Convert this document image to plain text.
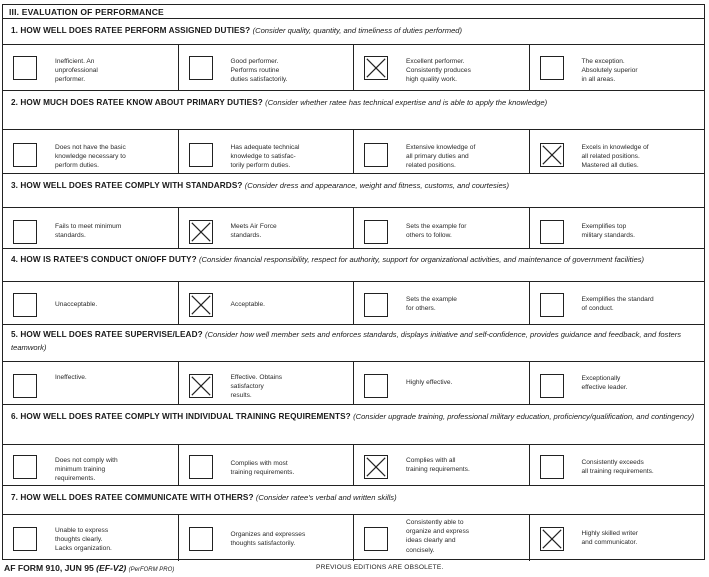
III. EVALUATION OF PERFORMANCE
1. HOW WELL DOES RATEE PERFORM ASSIGNED DUTIES? (Consider quality, quantity, and timeliness of duties performed)
Inefficient. An
unprofessional
performer.
Good performer.
Performs routine
duties satisfactorily.
Excellent performer.
Consistently produces
high quality work.
The exception.
Absolutely superior
in all areas.
2. HOW MUCH DOES RATEE KNOW ABOUT PRIMARY DUTIES? (Consider whether ratee has technical expertise and is able to apply the knowledge)
Does not have the basic
knowledge necessary to
perform duties.
Has adequate technical
knowledge to satisfac-
torily perform duties.
Extensive knowledge of
all primary duties and
related positions.
Excels in knowledge of
all related positions.
Mastered all duties.
3. HOW WELL DOES RATEE COMPLY WITH STANDARDS? (Consider dress and appearance, weight and fitness, customs, and courtesies)
Fails to meet minimum
standards.
Meets Air Force
standards.
Sets the example for
others to follow.
Exemplifies top
military standards.
4. HOW IS RATEE'S CONDUCT ON/OFF DUTY? (Consider financial responsibility, respect for authority, support for organizational activities, and maintenance of government facilities)
Unacceptable.	Acceptable.
Sets the example
for others.
Exemplifies the standard
of conduct.
5. HOW WELL DOES RATEE SUPERVISE/LEAD? (Consider how well member sets and enforces standards, displays initiative and self-confidence, provides guidance and feedback, and fosters teamwork)
Ineffective.	Effective. Obtains
satisfactory
results.
Highly effective.
Exceptionally
effective leader.
6. HOW WELL DOES RATEE COMPLY WITH INDIVIDUAL TRAINING REQUIREMENTS? (Consider upgrade training, professional military education, proficiency/qualification, and contingency)
Does not comply with
minimum training
requirements.
Complies with most
training requirements.
Complies with all
training requirements.
Consistently exceeds
all training requirements.
7. HOW WELL DOES RATEE COMMUNICATE WITH OTHERS? (Consider ratee's verbal and written skills)
Unable to express
thoughts clearly.
Lacks organization.
Organizes and expresses
thoughts satisfactorily.
Consistently able to
organize and express
ideas clearly and
concisely.
Highly skilled writer
and communicator.
AF FORM 910, JUN 95 (EF-V2) (PerFORM PRO)	PREVIOUS EDITIONS ARE OBSOLETE.
